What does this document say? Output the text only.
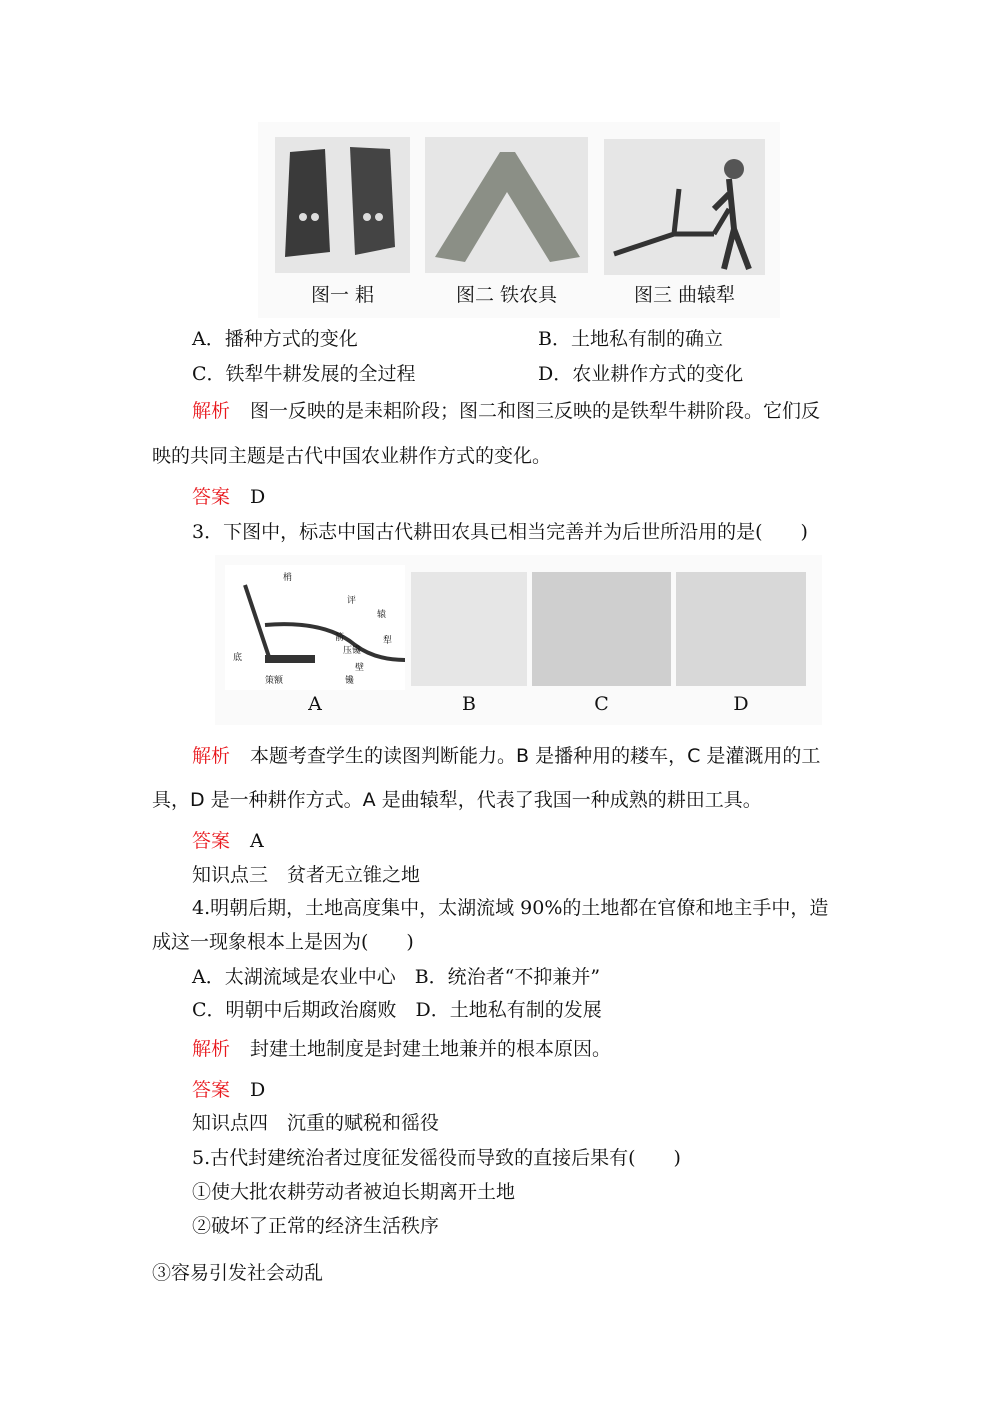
图一 耜	图二 铁农具	图三 曲辕犁
A．播种方式的变化	B．土地私有制的确立
C．铁犁牛耕发展的全过程	D．农业耕作方式的变化
解析 图一反映的是耒耜阶段；图二和图三反映的是铁犁牛耕阶段。它们反
映的共同主题是古代中国农业耕作方式的变化。
答案 D
3．下图中，标志中国古代耕田农具已相当完善并为后世所沿用的是(　　)
梢
评
辕
箭	犁
压镵
底
壁
策额	镵
A	B	C	D
解析 本题考查学生的读图判断能力。B 是播种用的耧车，C 是灌溉用的工
具，D 是一种耕作方式。A 是曲辕犁，代表了我国一种成熟的耕田工具。
答案 A
知识点三　贫者无立锥之地
4.明朝后期，土地高度集中，太湖流域 90%的土地都在官僚和地主手中，造
成这一现象根本上是因为(　　)
A．太湖流域是农业中心　B．统治者“不抑兼并”
C．明朝中后期政治腐败　D．土地私有制的发展
解析 封建土地制度是封建土地兼并的根本原因。
答案 D
知识点四　沉重的赋税和徭役
5.古代封建统治者过度征发徭役而导致的直接后果有(　　)
①使大批农耕劳动者被迫长期离开土地
②破坏了正常的经济生活秩序
③容易引发社会动乱
